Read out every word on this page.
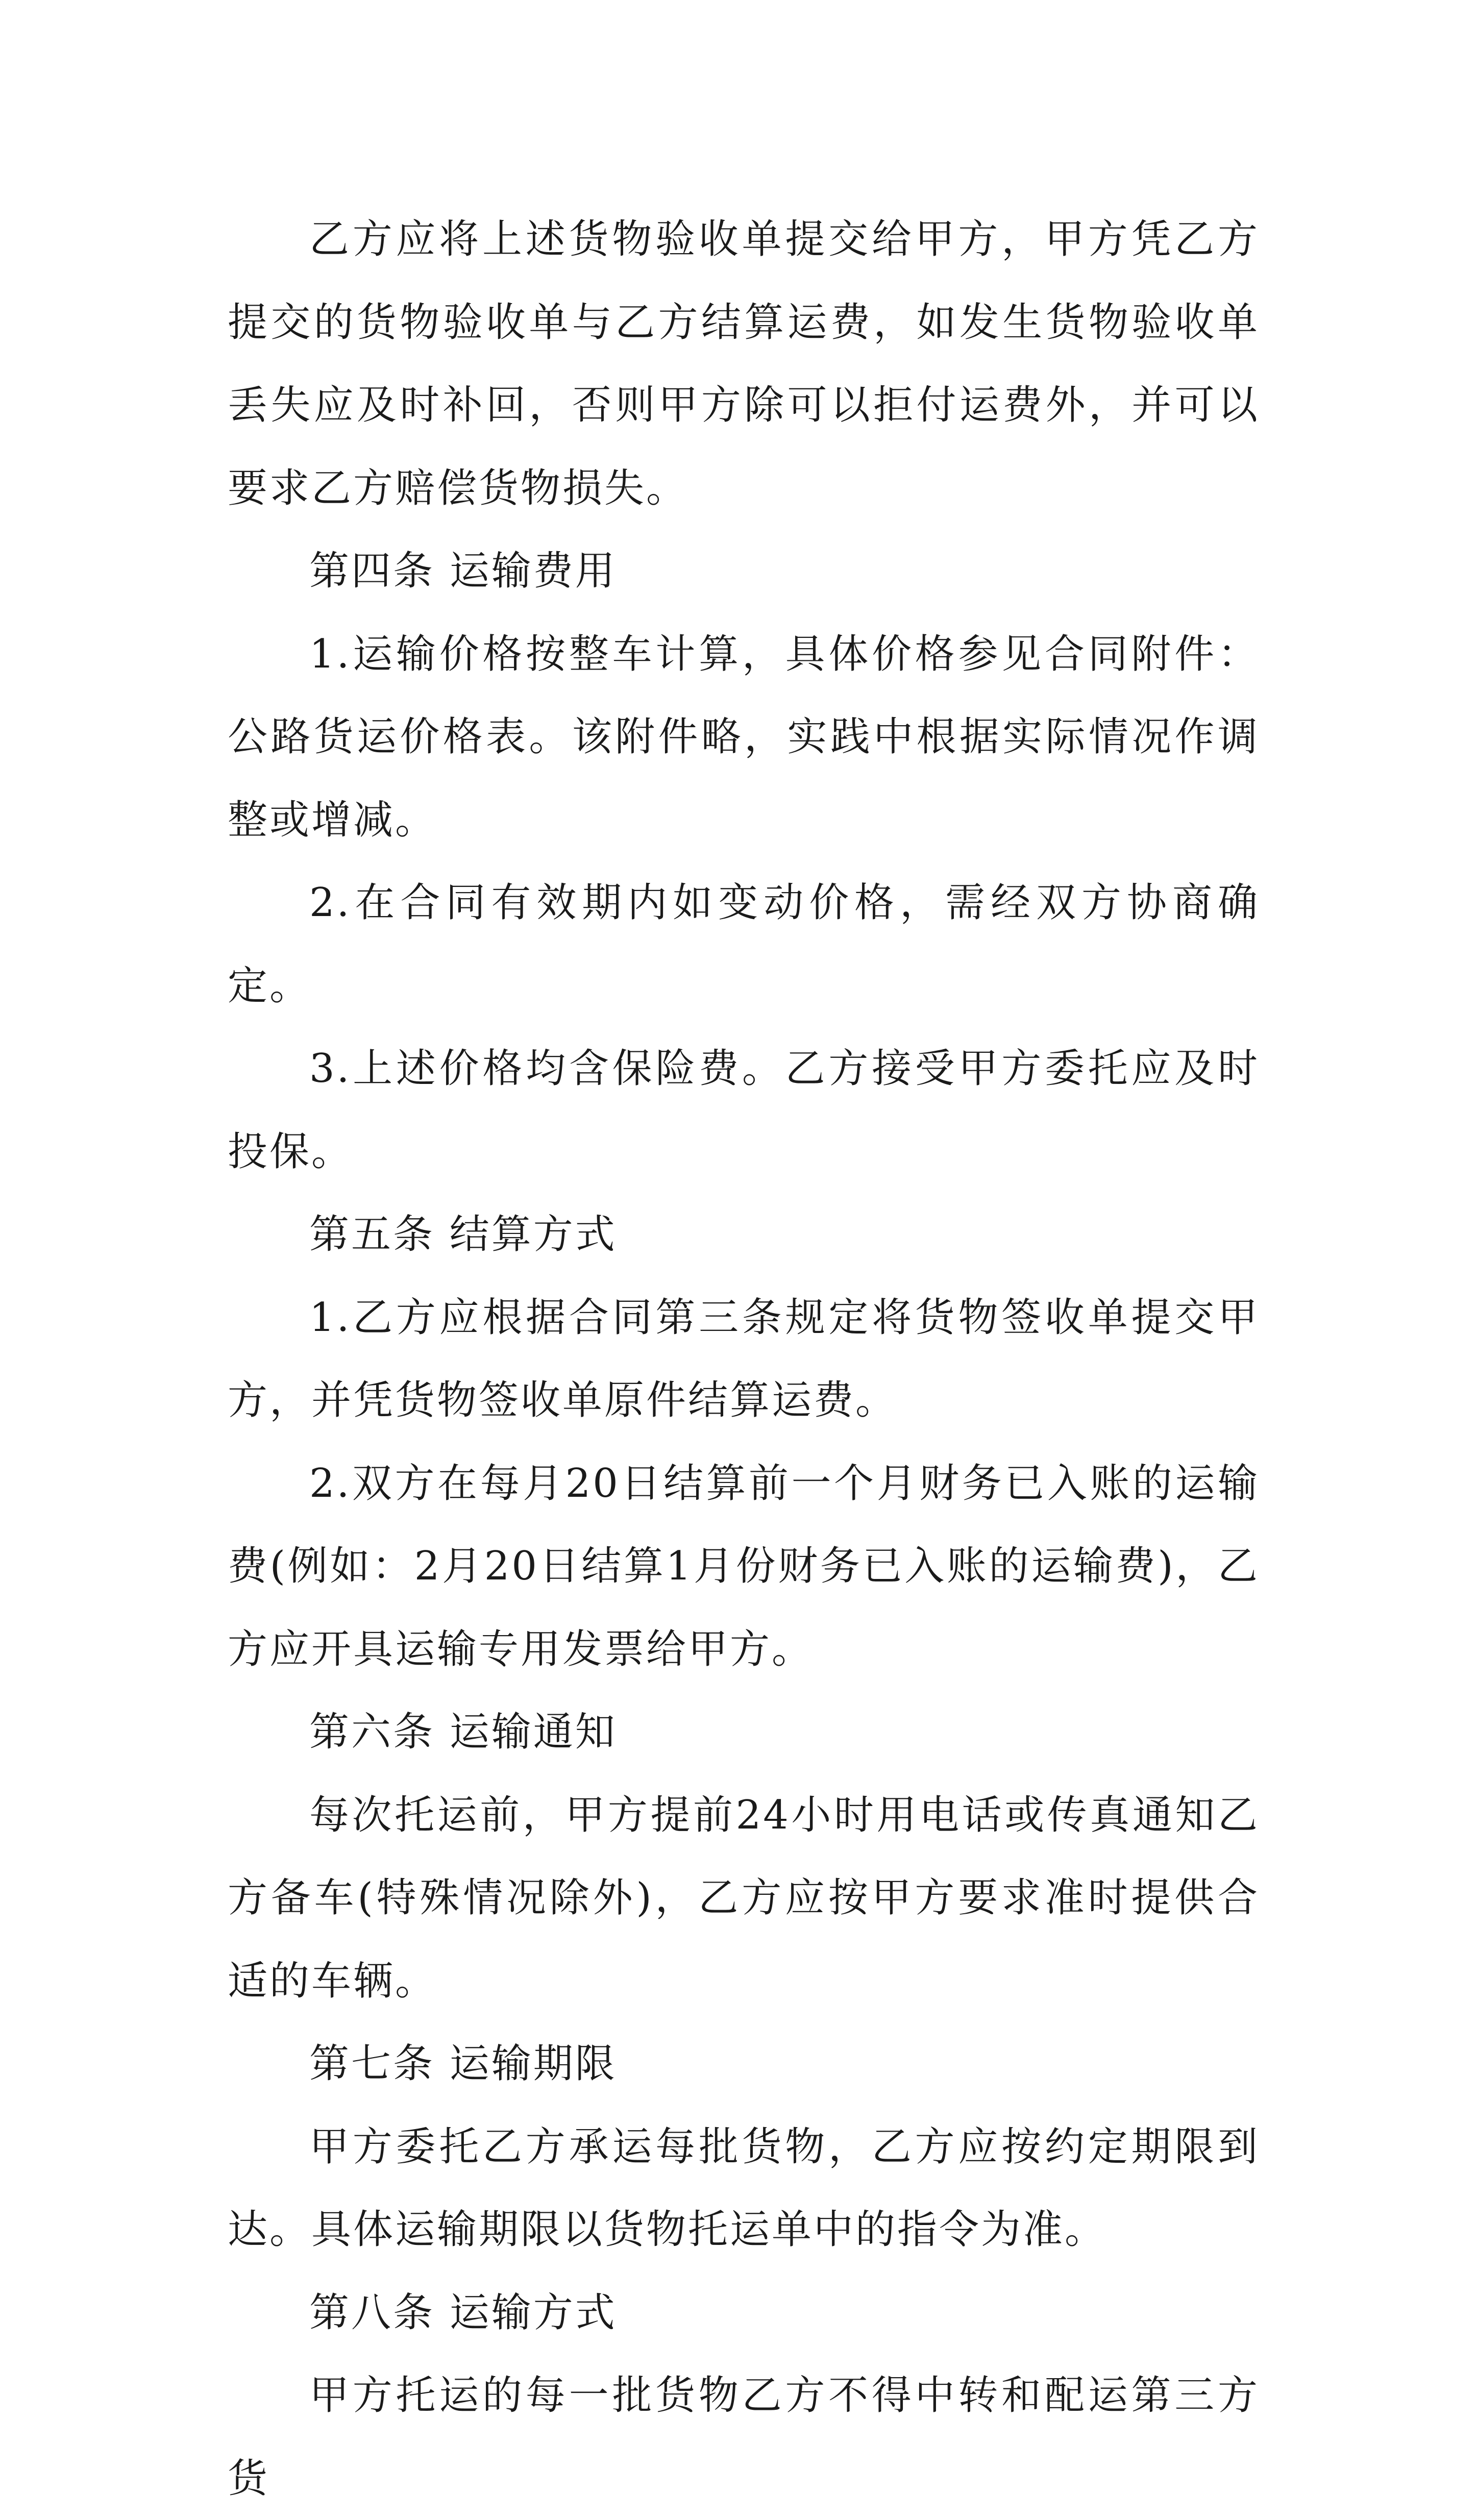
乙方应将上述货物验收单提交给甲方，甲方凭乙方提交的货物验收单与乙方结算运费，如发生货物验收单丢失应及时补回，否则甲方除可以拒付运费外，并可以要求乙方赔偿货物损失。

第四条 运输费用

1.运输价格按整车计算，具体价格参见合同附件：公路货运价格表。该附件略，实践中根据实际情况作调整或增减。

2.在合同有效期内如变动价格，需经双方协商确定。

3.上述价格均含保险费。乙方接受甲方委托应及时投保。

第五条 结算方式

1.乙方应根据合同第三条规定将货物签收单提交甲方，并凭货物签收单原件结算运费。

2.双方在每月20日结算前一个月财务已入账的运输费(例如：2月20日结算1月份财务已入账的运输费)，乙方应开具运输专用发票给甲方。

第六条 运输通知

每次托运前，甲方提前24小时用电话或传真通知乙方备车(特殊情况除外)，乙方应按甲方要求准时提供合适的车辆。

第七条 运输期限

甲方委托乙方承运每批货物，乙方应按约定期限到达。具体运输期限以货物托运单中的指令为准。

第八条 运输方式

甲方托运的每一批货物乙方不得中转和配运第三方货
